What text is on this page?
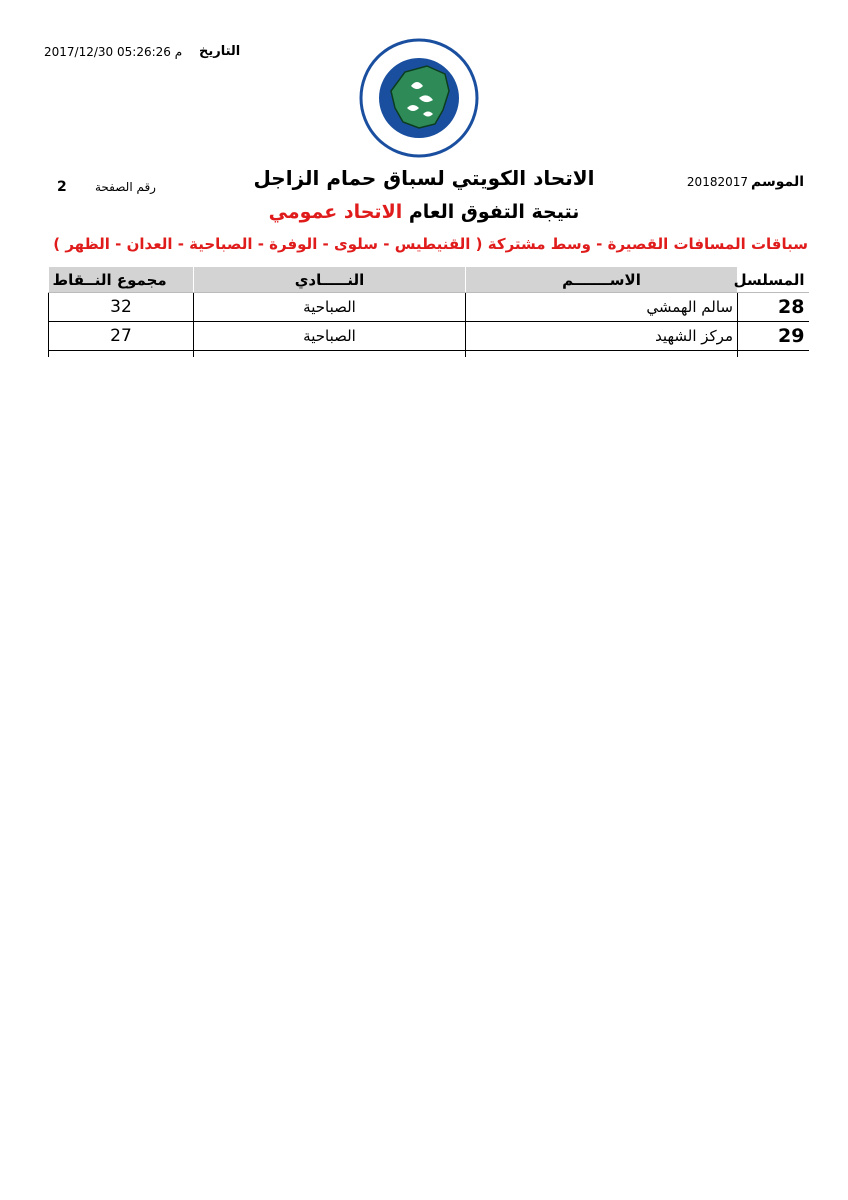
التاريخ
م 05:26:26 2017/12/30
الموسم
20182017
الاتحاد الكويتي لسباق حمام الزاجل
رقم الصفحة
2
نتيجة التفوق العام الاتحاد عمومي
سباقات المسافات القصيرة - وسط مشتركة ( القنيطيس - سلوى - الوفرة - الصباحية - العدان - الظهر )
المسلسل	الاســـــــم	النـــــادي	مجموع النــقاط
28	سالم الهمشي	الصباحية	32
29	مركز الشهيد	الصباحية	27
